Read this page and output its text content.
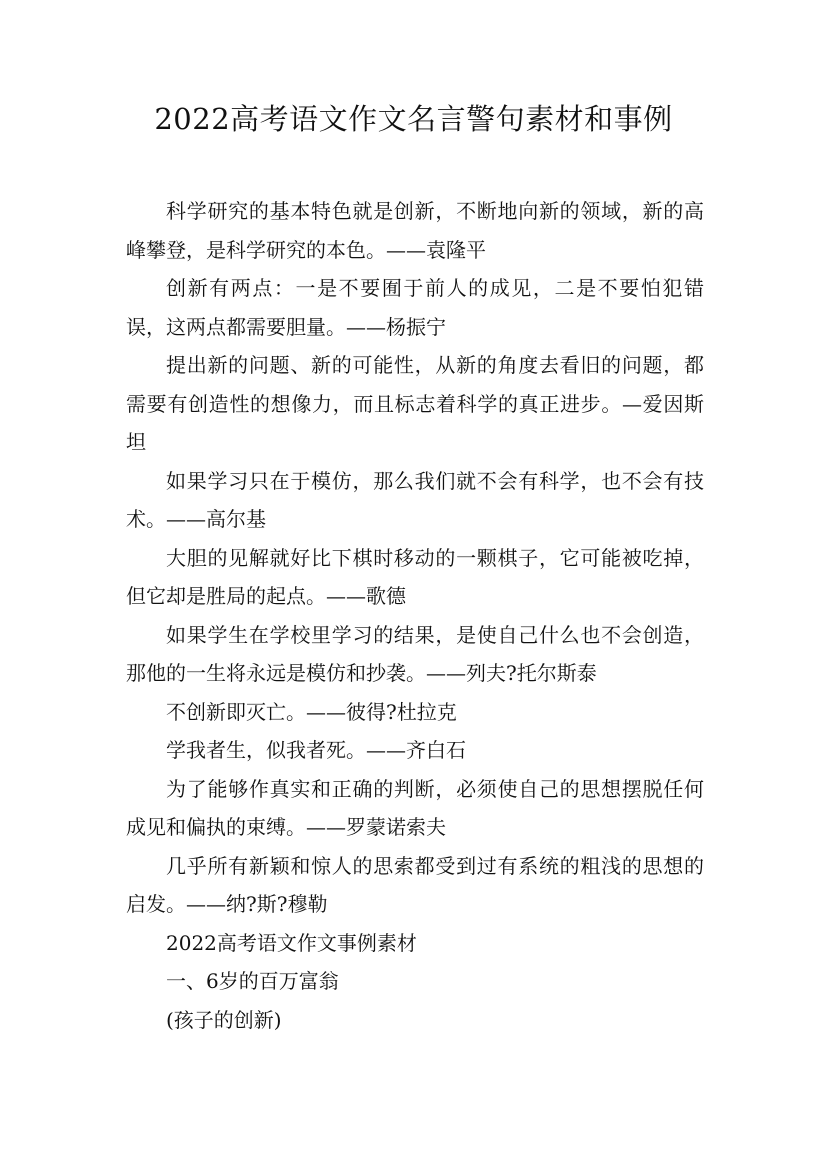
2022高考语文作文名言警句素材和事例

科学研究的基本特色就是创新，不断地向新的领域，新的高峰攀登，是科学研究的本色。——袁隆平

创新有两点：一是不要囿于前人的成见，二是不要怕犯错误，这两点都需要胆量。——杨振宁

提出新的问题、新的可能性，从新的角度去看旧的问题，都需要有创造性的想像力，而且标志着科学的真正进步。—爱因斯坦

如果学习只在于模仿，那么我们就不会有科学，也不会有技术。——高尔基

大胆的见解就好比下棋时移动的一颗棋子，它可能被吃掉，但它却是胜局的起点。——歌德

如果学生在学校里学习的结果，是使自己什么也不会创造，那他的一生将永远是模仿和抄袭。——列夫?托尔斯泰

不创新即灭亡。——彼得?杜拉克

学我者生，似我者死。——齐白石

为了能够作真实和正确的判断，必须使自己的思想摆脱任何成见和偏执的束缚。——罗蒙诺索夫

几乎所有新颖和惊人的思索都受到过有系统的粗浅的思想的启发。——纳?斯?穆勒

2022高考语文作文事例素材

一、6岁的百万富翁

(孩子的创新)
